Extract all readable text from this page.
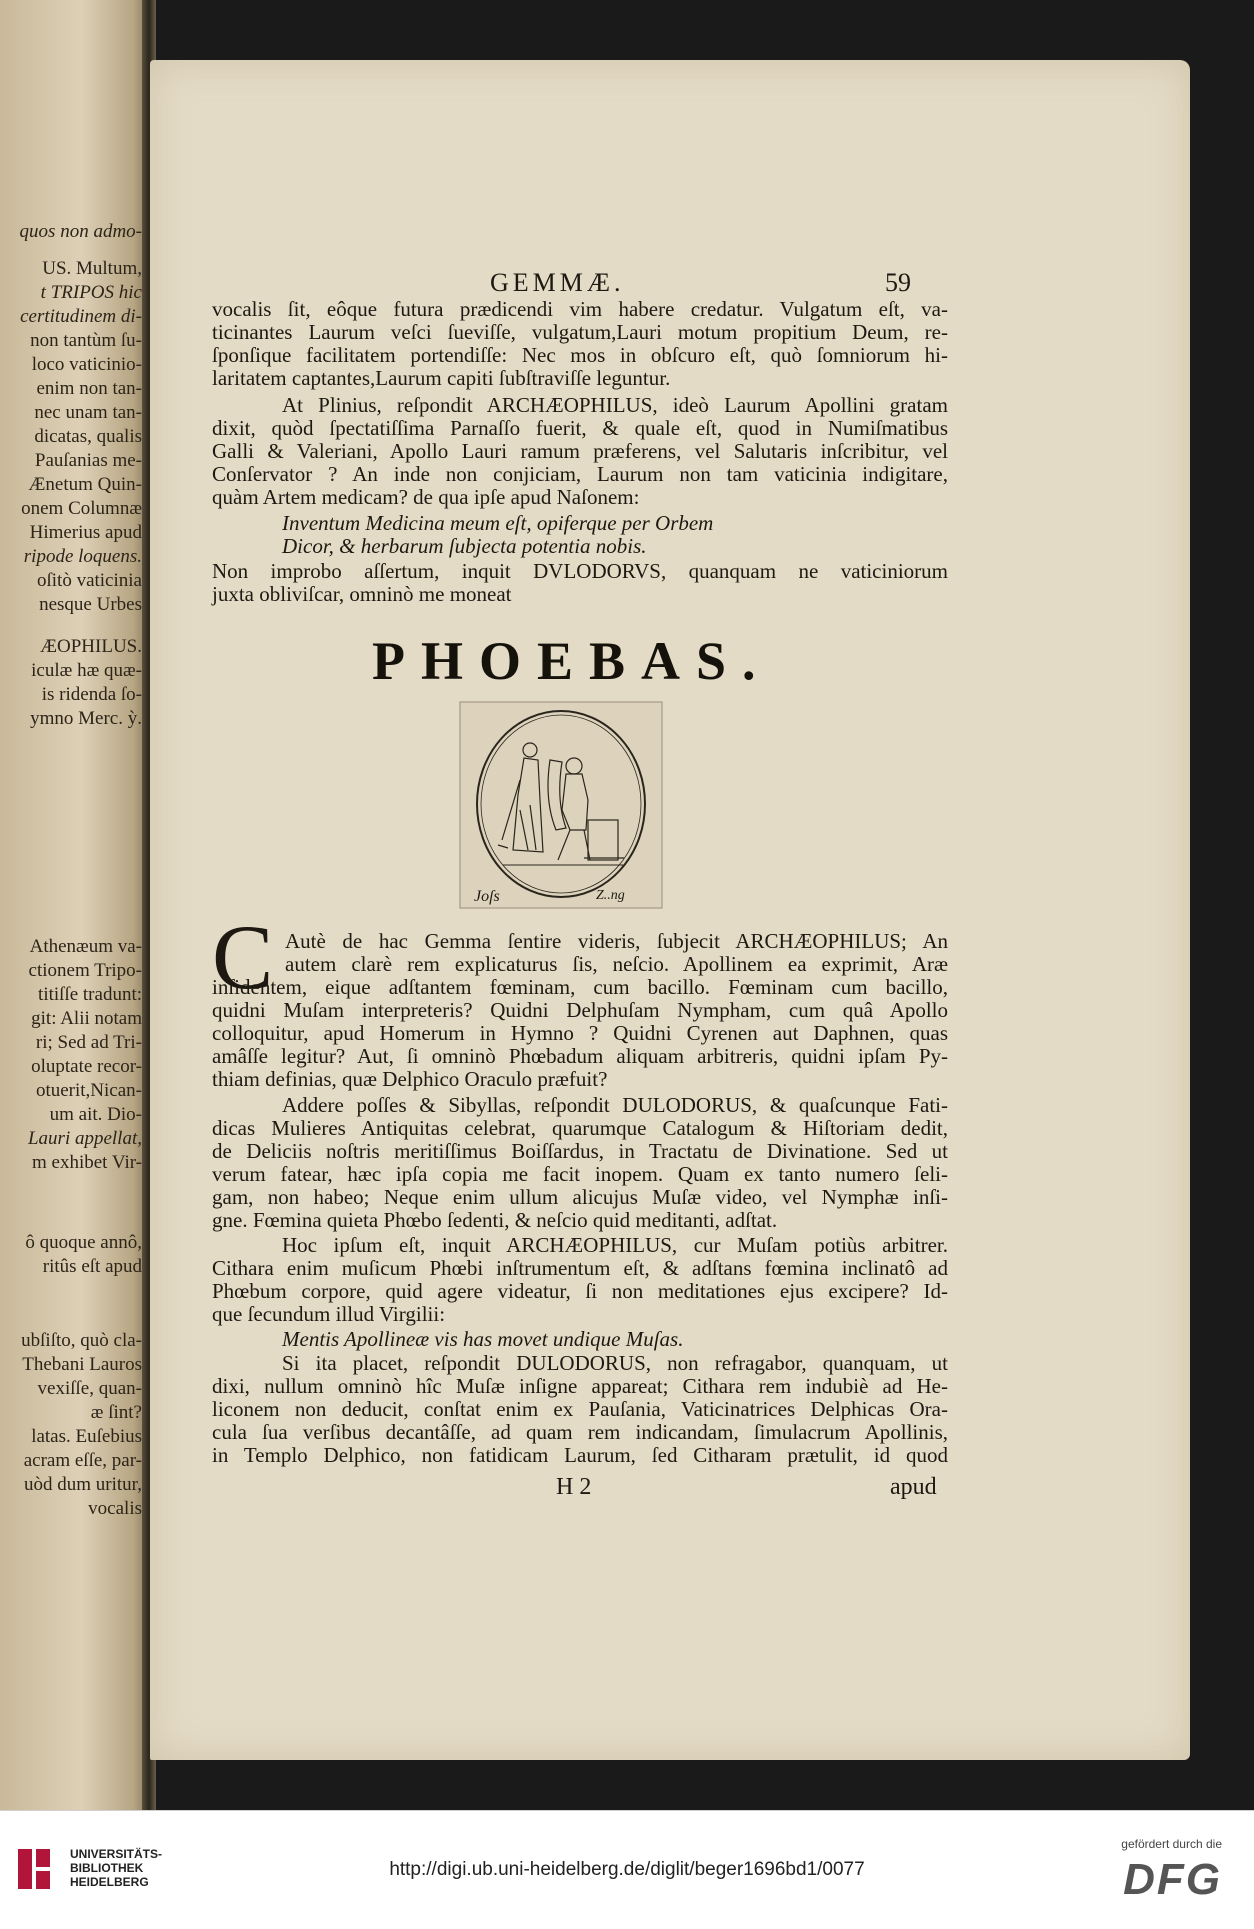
quos non admo-
US. Multum,
t TRIPOS hic
certitudinem di-
non tantùm ſu-
loco vaticinio-
enim non tan-
nec unam tan-
dicatas, qualis
Pauſanias me-
Ænetum Quin-
onem Columnæ
Himerius apud
ripode loquens.
oſitò vaticinia
nesque Urbes
ÆOPHILUS.
iculæ hæ quæ-
is ridenda ſo-
ymno Merc. ỳ.
Athenæum va-
ctionem Tripo-
titiſſe tradunt:
git: Alii notam
ri; Sed ad Tri-
oluptate recor-
otuerit,Nican-
um ait. Dio-
Lauri appellat,
m exhibet Vir-
ô quoque annô,
ritûs eſt apud
ubſiſto, quò cla-
Thebani Lauros
vexiſſe, quan-
æ ſint?
latas. Euſebius
acram eſſe, par-
uòd dum uritur,
vocalis
GEMMÆ.	59
vocalis ſit, eôque futura prædicendi vim habere credatur. Vulgatum eſt, va-
ticinantes Laurum veſci ſueviſſe, vulgatum,Lauri motum propitium Deum, re-
ſponſique facilitatem portendiſſe: Nec mos in obſcuro eſt, quò ſomniorum hi-
laritatem captantes,Laurum capiti ſubſtraviſſe leguntur.
At Plinius, reſpondit ARCHÆOPHILUS, ideò Laurum Apollini gratam
dixit, quòd ſpectatiſſima Parnaſſo fuerit, & quale eſt, quod in Numiſmatibus
Galli & Valeriani, Apollo Lauri ramum præferens, vel Salutaris inſcribitur, vel
Conſervator ? An inde non conjiciam, Laurum non tam vaticinia indigitare,
quàm Artem medicam? de qua ipſe apud Naſonem:
Inventum Medicina meum eſt, opiferque per Orbem
Dicor, & herbarum ſubjecta potentia nobis.
Non improbo aſſertum, inquit DVLODORVS, quanquam ne vaticiniorum
juxta obliviſcar, omninò me moneat
PHOEBAS.
Joſs	Z..ng
C Autè de hac Gemma ſentire videris, ſubjecit ARCHÆOPHILUS; An
autem clarè rem explicaturus ſis, neſcio. Apollinem ea exprimit, Aræ
inſidentem, eique adſtantem fœminam, cum bacillo. Fœminam cum bacillo,
quidni Muſam interpreteris? Quidni Delphuſam Nympham, cum quâ Apollo
colloquitur, apud Homerum in Hymno ? Quidni Cyrenen aut Daphnen, quas
amâſſe legitur? Aut, ſi omninò Phœbadum aliquam arbitreris, quidni ipſam Py-
thiam definias, quæ Delphico Oraculo præfuit?
Addere poſſes & Sibyllas, reſpondit DULODORUS, & quaſcunque Fati-
dicas Mulieres Antiquitas celebrat, quarumque Catalogum & Hiſtoriam dedit,
de Deliciis noſtris meritiſſimus Boiſſardus, in Tractatu de Divinatione. Sed ut
verum fatear, hæc ipſa copia me facit inopem. Quam ex tanto numero ſeli-
gam, non habeo; Neque enim ullum alicujus Muſæ video, vel Nymphæ inſi-
gne. Fœmina quieta Phœbo ſedenti, & neſcio quid meditanti, adſtat.
Hoc ipſum eſt, inquit ARCHÆOPHILUS, cur Muſam potiùs arbitrer.
Cithara enim muſicum Phœbi inſtrumentum eſt, & adſtans fœmina inclinatô ad
Phœbum corpore, quid agere videatur, ſi non meditationes ejus excipere? Id-
que ſecundum illud Virgilii:
Mentis Apollineæ vis has movet undique Muſas.
Si ita placet, reſpondit DULODORUS, non refragabor, quanquam, ut
dixi, nullum omninò hîc Muſæ inſigne appareat; Cithara rem indubiè ad He-
liconem non deducit, conſtat enim ex Pauſania, Vaticinatrices Delphicas Ora-
cula ſua verſibus decantâſſe, ad quam rem indicandam, ſimulacrum Apollinis,
in Templo Delphico, non fatidicam Laurum, ſed Citharam prætulit, id quod
H 2	apud
UNIVERSITÄTS-
BIBLIOTHEK
HEIDELBERG
http://digi.ub.uni-heidelberg.de/diglit/beger1696bd1/0077
gefördert durch die
DFG
